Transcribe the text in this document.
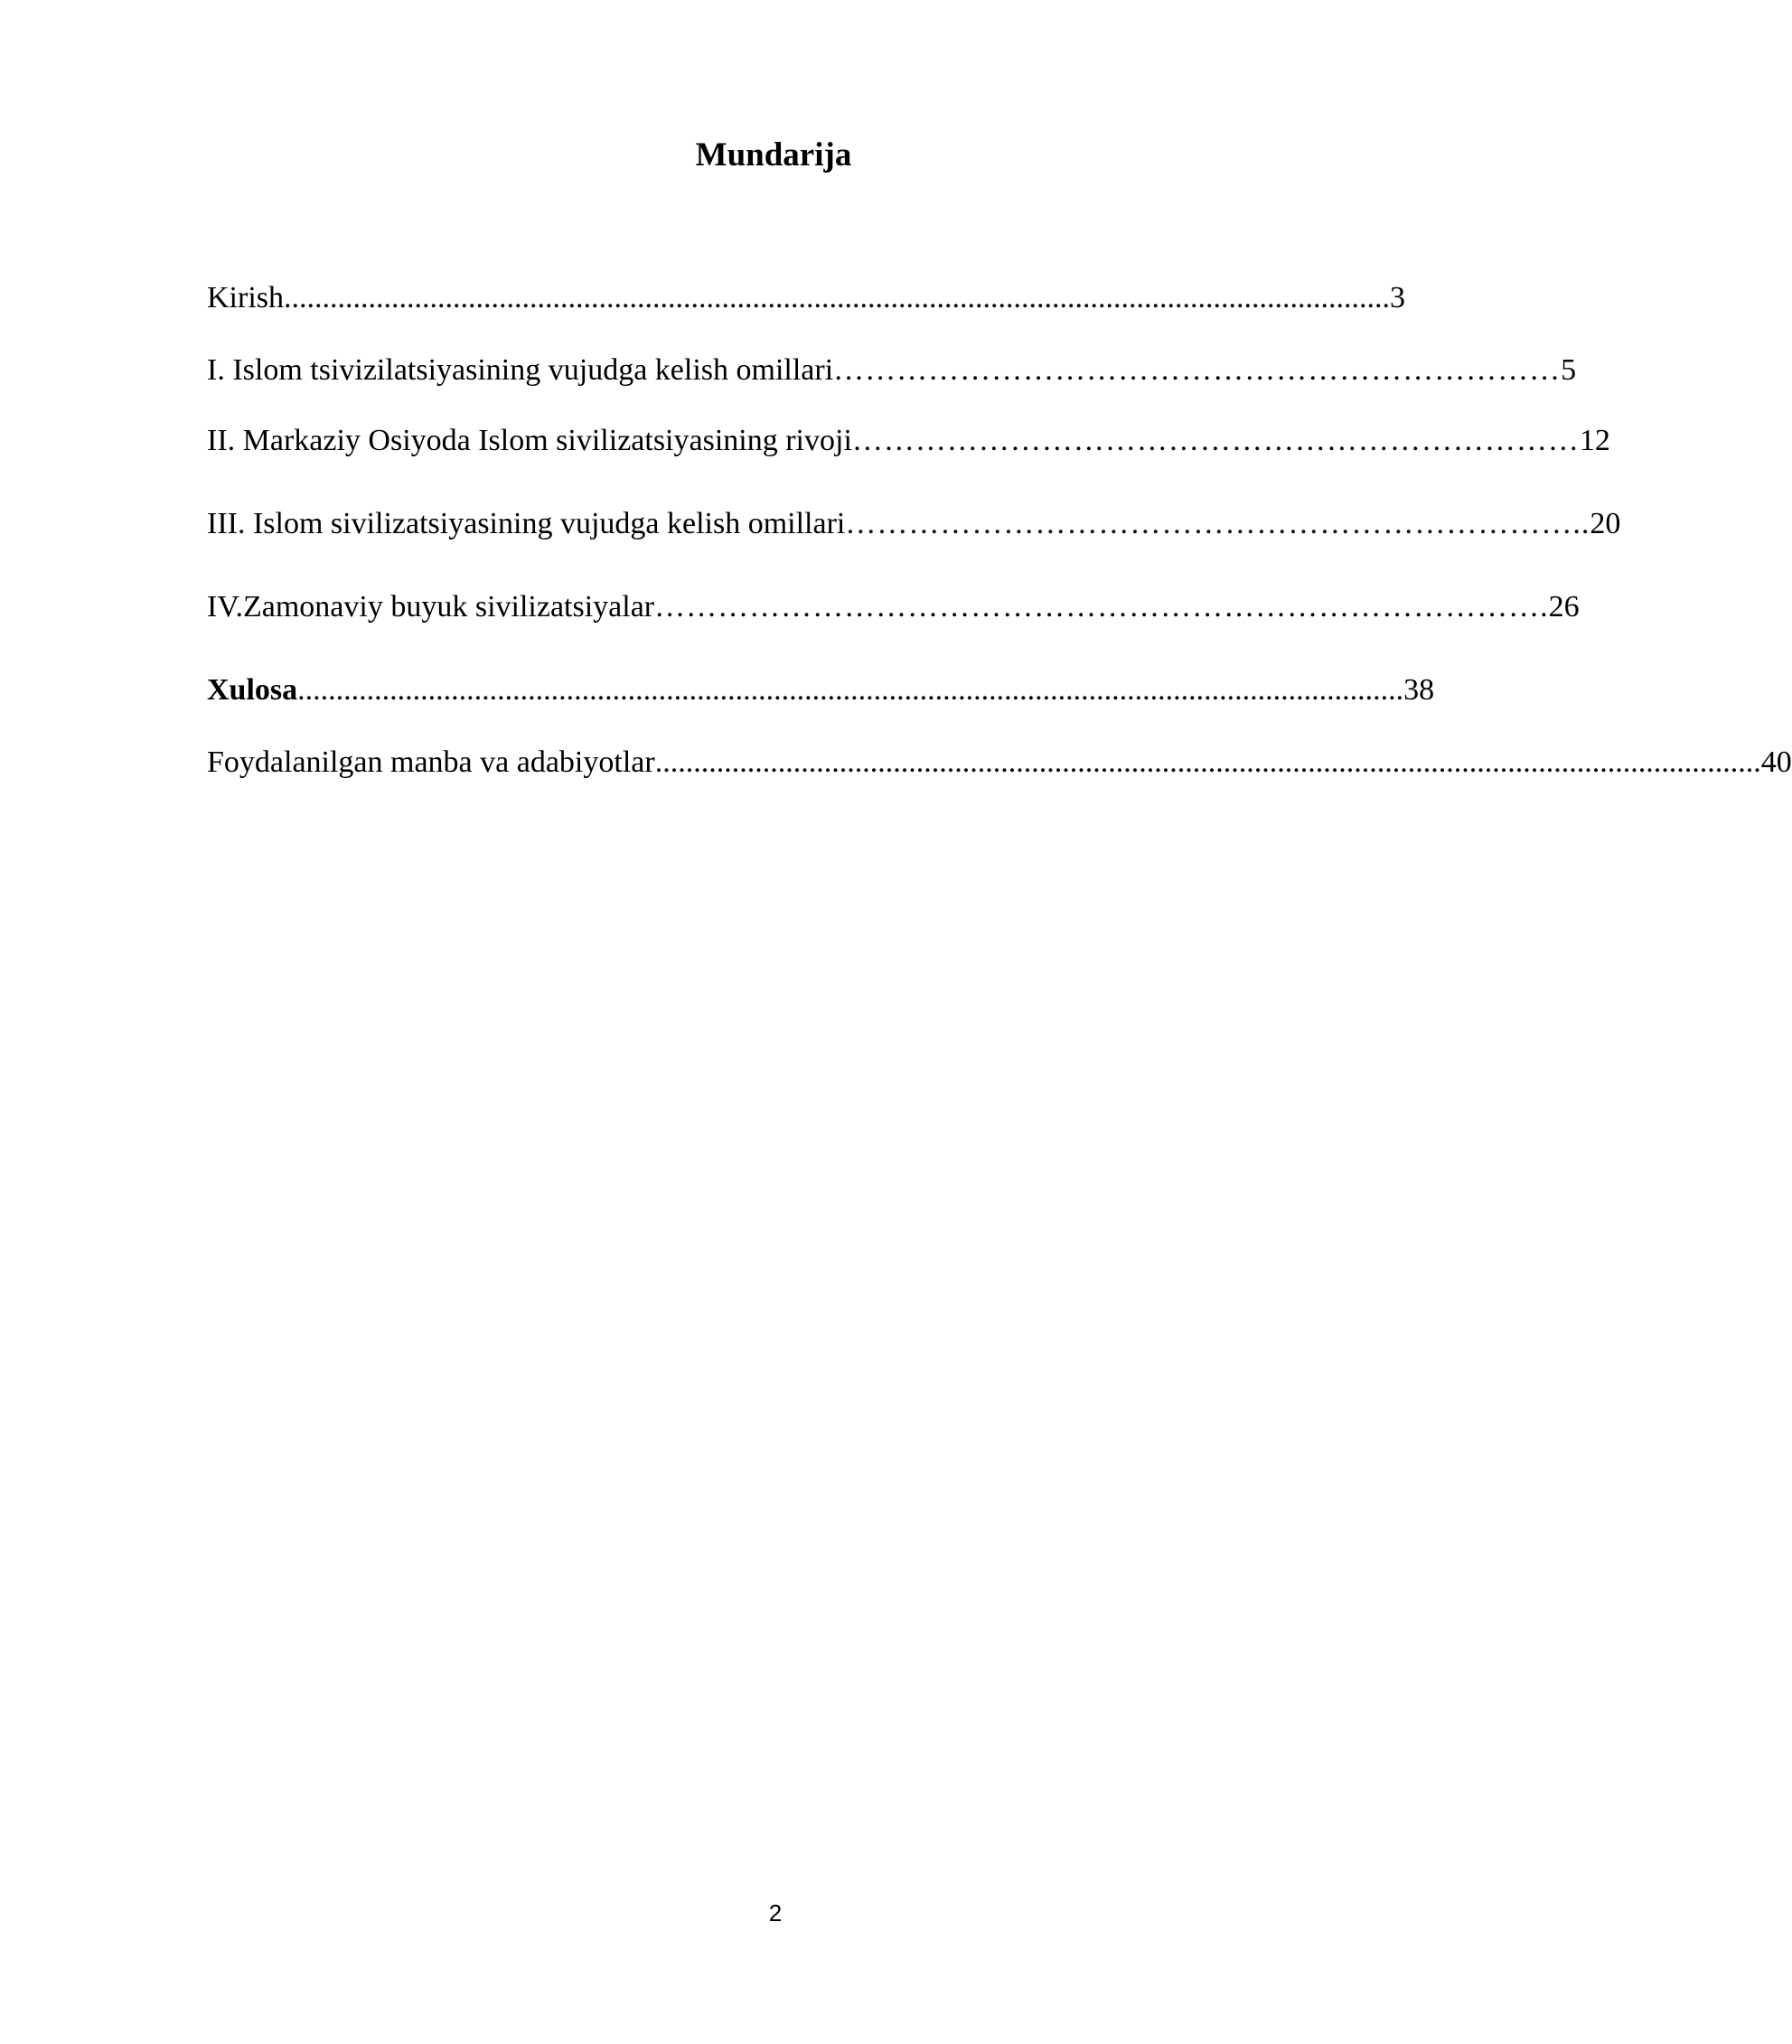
Mundarija
Kirish ................................................................................................................................................ 3
I. Islom tsivizilatsiyasining vujudga kelish omillari …………………………………………………………… 5
II. Markaziy Osiyoda Islom sivilizatsiyasining rivoji …………………………………………………………… 12
III. Islom sivilizatsiyasining vujudga kelish omillari …………………………………………………………….. 20
IV.Zamonaviy buyuk sivilizatsiyalar …………………………………………………………………………. 26
Xulosa ................................................................................................................................................ 38
Foydalanilgan manba va adabiyotlar ................................................................................................................................................ 40
2
